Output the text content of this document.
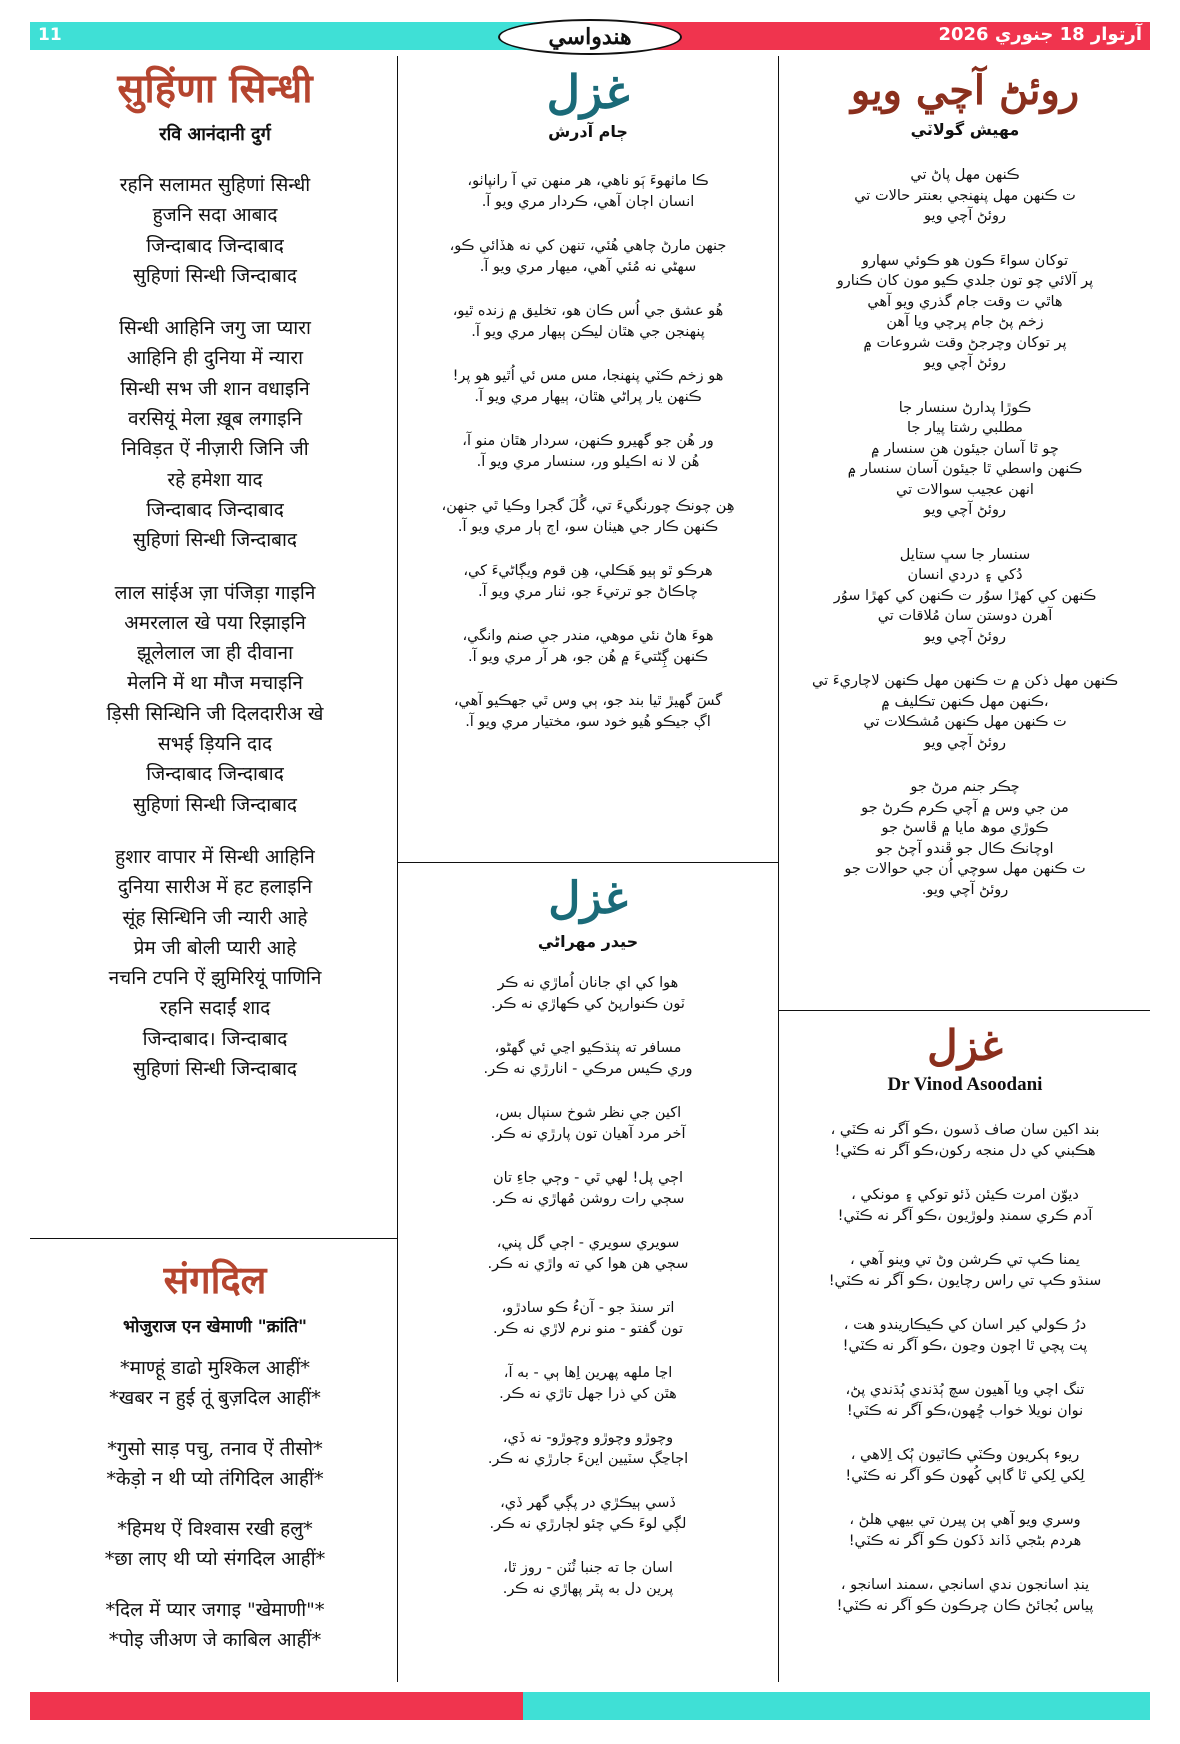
11	هندواسي	آرتوار 18 جنوري 2026
सुहिंणा सिन्धी
रवि आनंदानी दुर्ग
रहनि सलामत सुहिणां सिन्धी
हुजनि सदा आबाद
जिन्दाबाद जिन्दाबाद
सुहिणां सिन्धी जिन्दाबाद
सिन्धी आहिनि जगु जा प्यारा
आहिनि ही दुनिया में न्यारा
सिन्धी सभ जी शान वधाइनि
वरसियूं मेला ख़ूब लगाइनि
निविड़त ऐं नीज़ारी जिनि जी
रहे हमेशा याद
जिन्दाबाद जिन्दाबाद
सुहिणां सिन्धी जिन्दाबाद
लाल सांईअ ज़ा पंजिड़ा गाइनि
अमरलाल खे पया रिझाइनि
झूलेलाल जा ही दीवाना
मेलनि में था मौज मचाइनि
ड़िसी सिन्धिनि जी दिलदारीअ खे
सभई ड़ियनि दाद
जिन्दाबाद जिन्दाबाद
सुहिणां सिन्धी जिन्दाबाद
हुशार वापार में सिन्धी आहिनि
दुनिया सारीअ में हट हलाइनि
सूंह सिन्धिनि जी न्यारी आहे
प्रेम जी बोली प्यारी आहे
नचनि टपनि ऐं झुमिरियूं पाणिनि
रहनि सदाईं शाद
जिन्दाबाद। जिन्दाबाद
सुहिणां सिन्धी जिन्दाबाद
संगदिल
भोजुराज एन खेमाणी "क्रांति"
*माण्हूं डाढो मुश्किल आहीं*
*खबर न हुई तूं बुज़दिल आहीं*
*गुसो साड़ पचु, तनाव ऐं तीसो*
*केड़ो न थी प्यो तंगिदिल आहीं*
*हिमथ ऐं विश्वास रखी हलु*
*छा लाए थी प्यो संगदिल आहीं*
*दिल में प्यार जगाइ "खेमाणी"*
*पोइ जीअण जे काबिल आहीं*
غزل
ڄام آدرش
ڪا ماٺھوءَ ٻَو ناھي، ھر منھن تي آ رانپاٺو،
انسان اڄان آھي، ڪردار مري ويو آ.
جنھن مارڻ چاھي ھُئي، تنھن کي نه ھڏائي ڪو،
سھڻي نه مُئي آھي، ميھار مري ويو آ.
ھُو عشق جي اُس ڪان ھو، تخليق ۾ زنده ٿيو،
پنھنجن جي ھٿان ليڪن ٻيھار مري ويو آ.
ھو زخم ڪٽي پنھنجا، مس مس ئي اُٿيو ھو پر!
ڪنھن يار پراڻي ھٿان، ٻيھار مري ويو آ.
ور ھُن جو گھيرو ڪنھن، سردار ھٿان منو آ،
ھُن لا نه اڪيلو ور، سنسار مري ويو آ.
ھِن چونڪ چورنگيءَ تي، گُلَ گجرا وڪيا ٿي جنھن،
ڪنھن ڪار جي ھيٺان سو، اڄ ٻار مري ويو آ.
ھرڪو ٿو ٻيو ھَڪلي، ھِن قوم ويڳاڻيءَ کي،
چاڪاڻ جو ترتيءَ جو، ٺنار مري ويو آ.
ھوءَ ھاڻ نئي موھي، مندر جي صنم وانگي،
ڪنھن ڳِڻتيءَ ۾ ھُن جو، ھر آر مري ويو آ.
گسَ گھيڙ ٿيا بند جو، ٻي وس ٿي جھڪيو آھي،
اڳ جيڪو ھُيو خود سو، مختيار مري ويو آ.
غزل
حيدر مهراڻي
ھوا کي اي جانان اُماڙي نه ڪر
ٽون ڪنوارپڻ کي ڪھاڙي نه ڪر.
مسافر ته پنڌڪيو اڃي ئي گھڻو،
وري ڪيس مرڪي - انارڙي نه ڪر.
اکين جي نظر شوخ سنپال بس،
آخر مرد آھيان تون پارڙي نه ڪر.
اڄي پل! لھي ٿي - وڄي جاءِ تان
سڄي رات روشن مُھاڙي نه ڪر.
سويري سويري - اڄي گل پني،
سڄي ھن ھوا کي ته واڙي نه ڪر.
اتر سنڌ جو - آنءُ ڪو سادڙو،
تون گفتو - منو نرم لاڙي نه ڪر.
اڃا ملھه پھرين اِھا ٻي - به آ،
ھٿن کي ذرا جھل تاڙي نه ڪر.
وچوڙو وچوڙو وچوڙو- نه ڏي،
اڄاڃڳ سٽيين اينءَ جارڙي نه ڪر.
ڏسي ٻيڪڙي در پڳي گھر ڏي،
لڳي لوءَ ڪي چئو لڄارڙي نه ڪر.
اسان جا ته جنبا ٽُٽن - روز ٿا،
پرين دل به پٿر پھاڙي نه ڪر.
روئڻ آچي ويو
مهيش گولاٽي
ڪنھن مھل پاڻ تي
ت ڪنھن مھل پنھنجي بعنتر حالات تي
روئڻ آچي ويو
توکان سواءَ ڪون ھو ڪوئي سھارو
پر آلائي چو تون جلدي ڪيو مون کان ڪنارو
ھاٿي ت وقت جام گذري ويو آھي
زخم پڻ جام پرچي ويا آھن
پر توکان وچرجڻ وقت شروعات ۾
روئڻ آچي ويو
ڪوڙا پدارڻ سنسار جا
مطلبي رشتا پيار جا
چو ٿا آسان جيئون ھن سنسار ۾
ڪنھن واسطي ٿا جيئون آسان سنسار ۾
انھن عجيب سوالات تي
روئڻ آچي ويو
سنسار جا سڀ ستايل
دُکي ۽ دردي انسان
ڪنھن کي کھڙا سوُر ت ڪنھن کي کھڙا سوُر
آهرن دوستن سان مُلاقات تي
روئڻ آچي ويو
ڪنھن مھل ذکن ۾ ت ڪنھن مھل ڪنھن لاچاريءَ تي
،ڪنھن مھل ڪنھن تڪليف ۾
ت ڪنھن مھل ڪنھن مُشڪلات تي
روئڻ آچي ويو
چڪر جنم مرڻ جو
من جي وس ۾ آچي ڪرم ڪرڻ جو
ڪوڙي موھ مايا ۾ ڦاسڻ جو
اوچانڪ ڪال جو ڦندو آچڻ جو
ت ڪنھن مھل سوچي اُن جي حوالات جو
روئڻ آچي ويو.
غزل
Dr Vinod Asoodani
بند اکين سان صاف ڏسون ،ڪو آگر نه ڪٽي ،
ھڪبني کي دل منجه رکون،ڪو آگر نه ڪٽي!
ديوّن امرت ڪيئن ڏئو توکي ۽ مونکي ،
آدم ڪري سمنڊ ولوڙيون ،ڪو آگر نه ڪٽي!
يمنا ڪپ تي ڪرشن وڻ تي وينو آھي ،
سنڌو ڪپ تي راس رچايون ،ڪو آگر نه ڪٽي!
درُ ڪولي کير اسان کي ڪيڪاريندو ھت ،
پت پچي ٿا اچون وڃون ،ڪو آگر نه ڪٽي!
تنگ اچي ويا آھيون سچ ٻُڌندي ٻُڌندي پڻ،
نوان نويلا خواب ڇُھون،ڪو آگر نه ڪٽي!
ريوء ٻکريون وڪٽي ڪاٽيون ٻُک اِلاھي ،
لِکي لِکي ٿا گاٻي کُھون ڪو آگر نه ڪٽي!
وسري ويو آھي ٻن پيرن تي بيھي ھلڻ ،
ھردم بڻجي ڏاند ڏکون ڪو آگر نه ڪٽي!
ينڊ اسانجون ندي اسانجي ،سمند اسانجو ،
پياس بُجائڻ ڪان چرڪون ڪو آگر نه ڪٽي!
